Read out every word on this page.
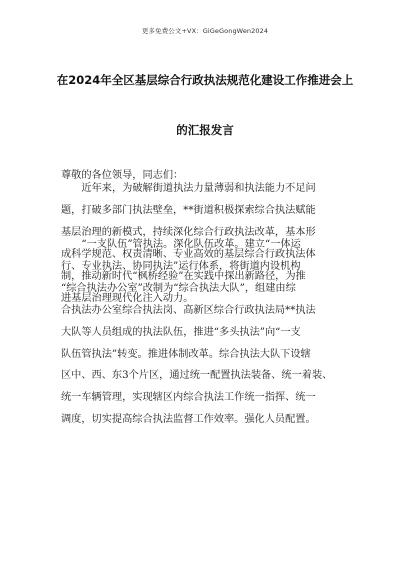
更多免费公文+VX：GiGeGongWen2024
在2024年全区基层综合行政执法规范化建设工作推进会上
的汇报发言
尊敬的各位领导，同志们：
近年来，为破解街道执法力量薄弱和执法能力不足问
题，打破多部门执法壁垒，**街道积极探索综合执法赋能
基层治理的新模式，持续深化综合行政执法改革，基本形
成科学规范、权责清晰、专业高效的基层综合行政执法体
制，推动新时代“枫桥经验”在实践中探出新路径，为推
进基层治理现代化注入动力。
“一支队伍”管执法。深化队伍改革。建立“一体运
行、专业执法、协同执法”运行体系，将街道内设机构
“综合执法办公室”改制为“综合执法大队”，组建由综
合执法办公室综合执法岗、高新区综合行政执法局**执法
大队等人员组成的执法队伍，推进“多头执法”向“一支
队伍管执法”转变。推进体制改革。综合执法大队下设辖
区中、西、东3个片区，通过统一配置执法装备、统一着装、
统一车辆管理，实现辖区内综合执法工作统一指挥、统一
调度，切实提高综合执法监督工作效率。强化人员配置。
